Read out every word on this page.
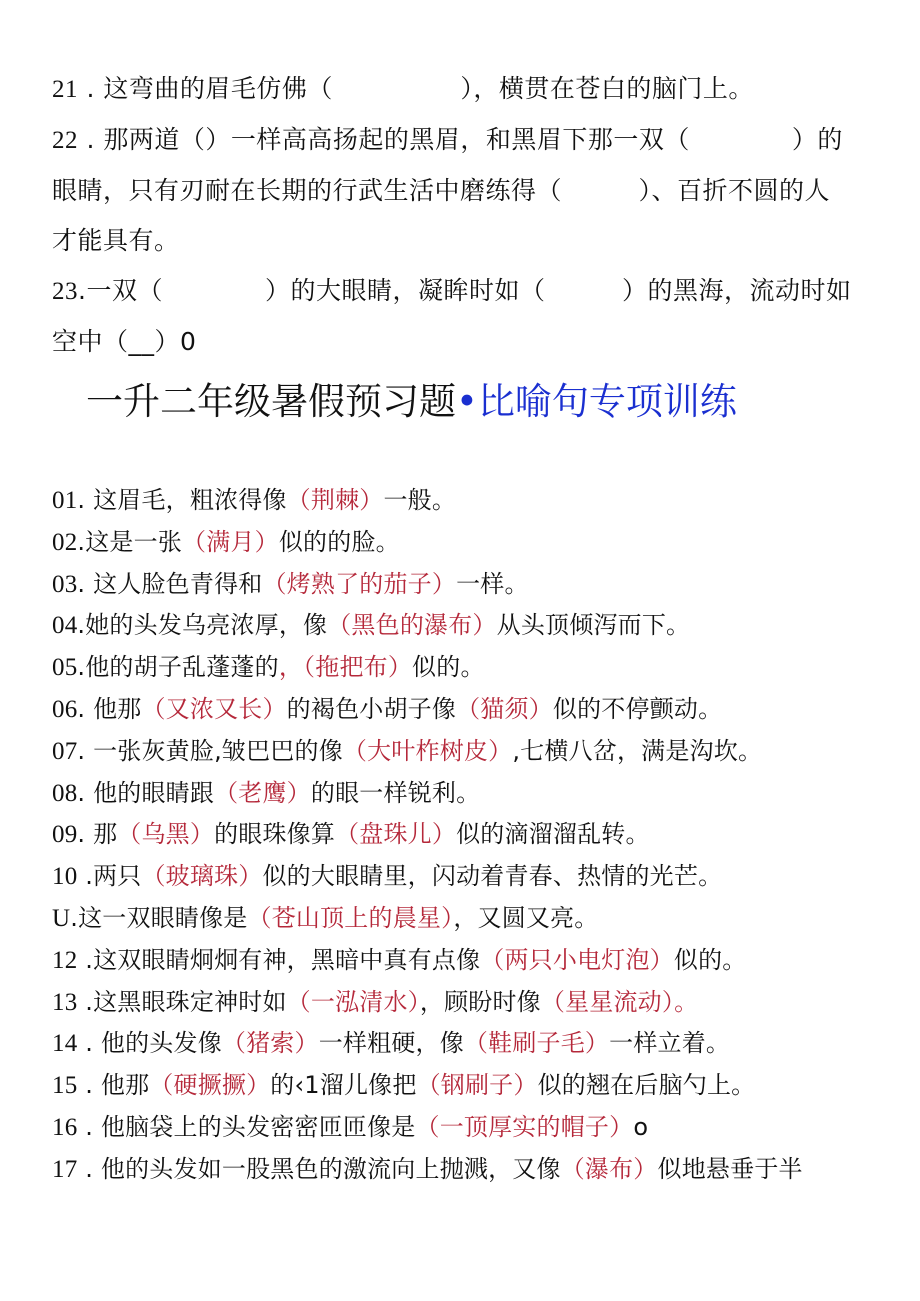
21 . 这弯曲的眉毛仿佛（　　　　　），横贯在苍白的脑门上。
22 . 那两道（）一样高高扬起的黑眉，和黑眉下那一双（　　　　）的
眼睛，只有刃耐在长期的行武生活中磨练得（　　　）、百折不圆的人
才能具有。
23.一双（　　　　）的大眼睛，凝眸时如（　　　）的黑海，流动时如
空中（__）0
一升二年级暑假预习题•比喻句专项训练
01. 这眉毛，粗浓得像（荆棘）一般。
02.这是一张（满月）似的的脸。
03. 这人脸色青得和（烤熟了的茄子）一样。
04.她的头发乌亮浓厚，像（黑色的瀑布）从头顶倾泻而下。
05.他的胡子乱蓬蓬的，（拖把布）似的。
06. 他那（又浓又长）的褐色小胡子像（猫须）似的不停颤动。
07. 一张灰黄脸,皱巴巴的像（大叶柞树皮）,七横八岔，满是沟坎。
08. 他的眼睛跟（老鹰）的眼一样锐利。
09. 那（乌黑）的眼珠像算（盘珠儿）似的滴溜溜乱转。
10 .两只（玻璃珠）似的大眼睛里，闪动着青春、热情的光芒。
U.这一双眼睛像是（苍山顶上的晨星），又圆又亮。
12 .这双眼睛炯炯有神，黑暗中真有点像（两只小电灯泡）似的。
13 .这黑眼珠定神时如（一泓清水），顾盼时像（星星流动）。
14 . 他的头发像（猪索）一样粗硬，像（鞋刷子毛）一样立着。
15 . 他那（硬撅撅）的‹1溜儿像把（钢刷子）似的翘在后脑勺上。
16 . 他脑袋上的头发密密匝匝像是（一顶厚实的帽子）o
17 . 他的头发如一股黑色的激流向上抛溅，又像（瀑布）似地悬垂于半
